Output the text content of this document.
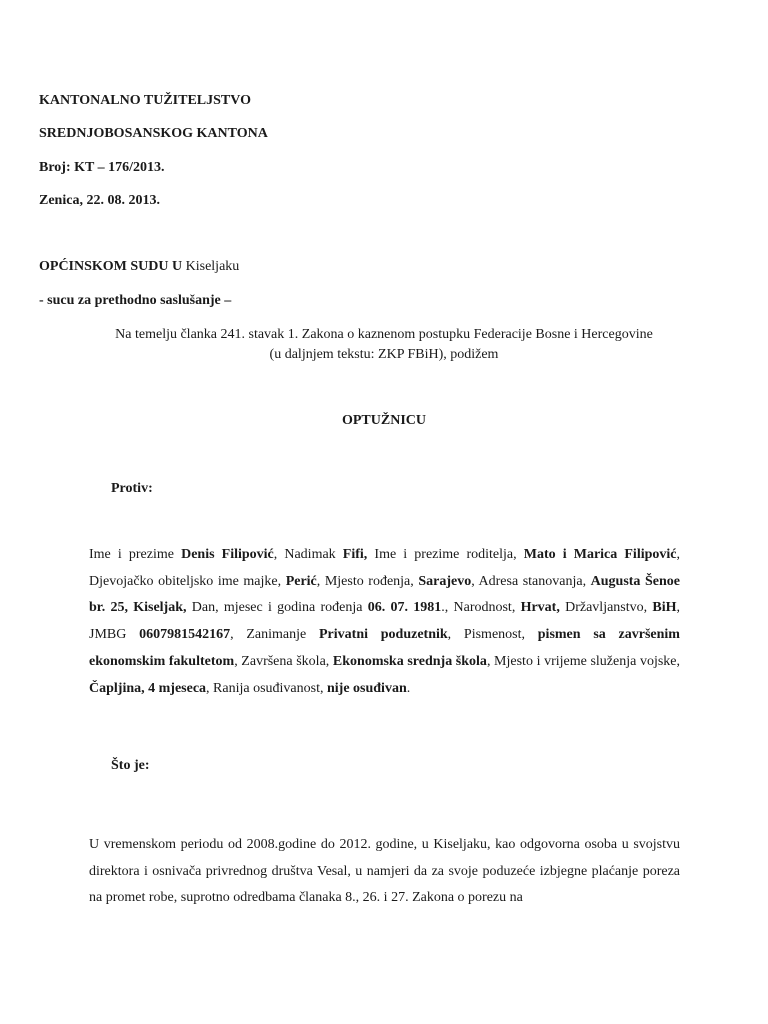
KANTONALNO TUŽITELJSTVO
SREDNJOBOSANSKOG KANTONA
Broj: KT – 176/2013.
Zenica, 22. 08. 2013.
OPĆINSKOM SUDU U Kiseljaku
- sucu za prethodno saslušanje –
Na temelju članka 241. stavak 1. Zakona o kaznenom postupku Federacije Bosne i Hercegovine
(u daljnjem tekstu: ZKP FBiH), podižem
OPTUŽNICU
Protiv:
Ime i prezime Denis Filipović, Nadimak Fifi, Ime i prezime roditelja, Mato i Marica Filipović, Djevojačko obiteljsko ime majke, Perić, Mjesto rođenja, Sarajevo, Adresa stanovanja, Augusta Šenoe br. 25, Kiseljak, Dan, mjesec i godina rođenja 06. 07. 1981., Narodnost, Hrvat, Državljanstvo, BiH, JMBG 0607981542167, Zanimanje Privatni poduzetnik, Pismenost, pismen sa završenim ekonomskim fakultetom, Završena škola, Ekonomska srednja škola, Mjesto i vrijeme služenja vojske, Čapljina, 4 mjeseca, Ranija osuđivanost, nije osuđivan.
Što je:
U vremenskom periodu od 2008.godine do 2012. godine, u Kiseljaku, kao odgovorna osoba u svojstvu direktora i osnivača privrednog društva Vesal, u namjeri da za svoje poduzeće izbjegne plaćanje poreza na promet robe, suprotno odredbama članaka 8., 26. i 27. Zakona o porezu na
